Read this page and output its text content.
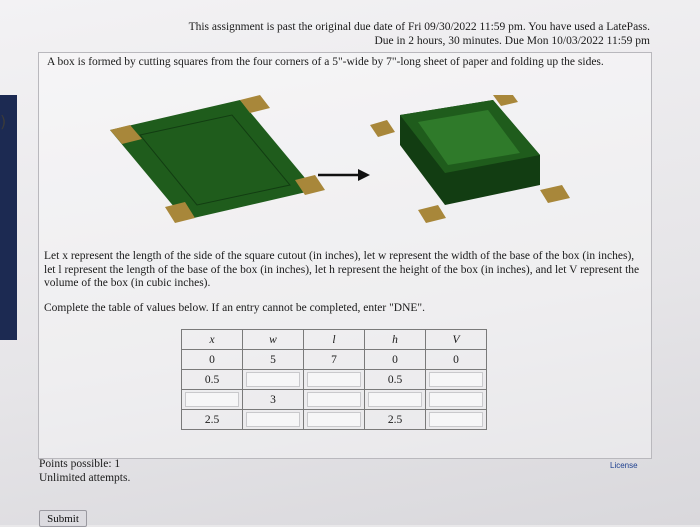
)
This assignment is past the original due date of Fri 09/30/2022 11:59 pm. You have used a LatePass.
Due in 2 hours, 30 minutes. Due Mon 10/03/2022 11:59 pm
A box is formed by cutting squares from the four corners of a 5"-wide by 7"-long sheet of paper and folding up the sides.
Let x represent the length of the side of the square cutout (in inches), let w represent the width of the base of the box (in inches), let l represent the length of the base of the box (in inches), let h represent the height of the box (in inches), and let V represent the volume of the box (in cubic inches).
Complete the table of values below. If an entry cannot be completed, enter "DNE".
x	w	l	h	V
0	5	7	0	0
0.5			0.5	

	3	

2.5			2.5	
Points possible: 1
Unlimited attempts.
License
Submit
